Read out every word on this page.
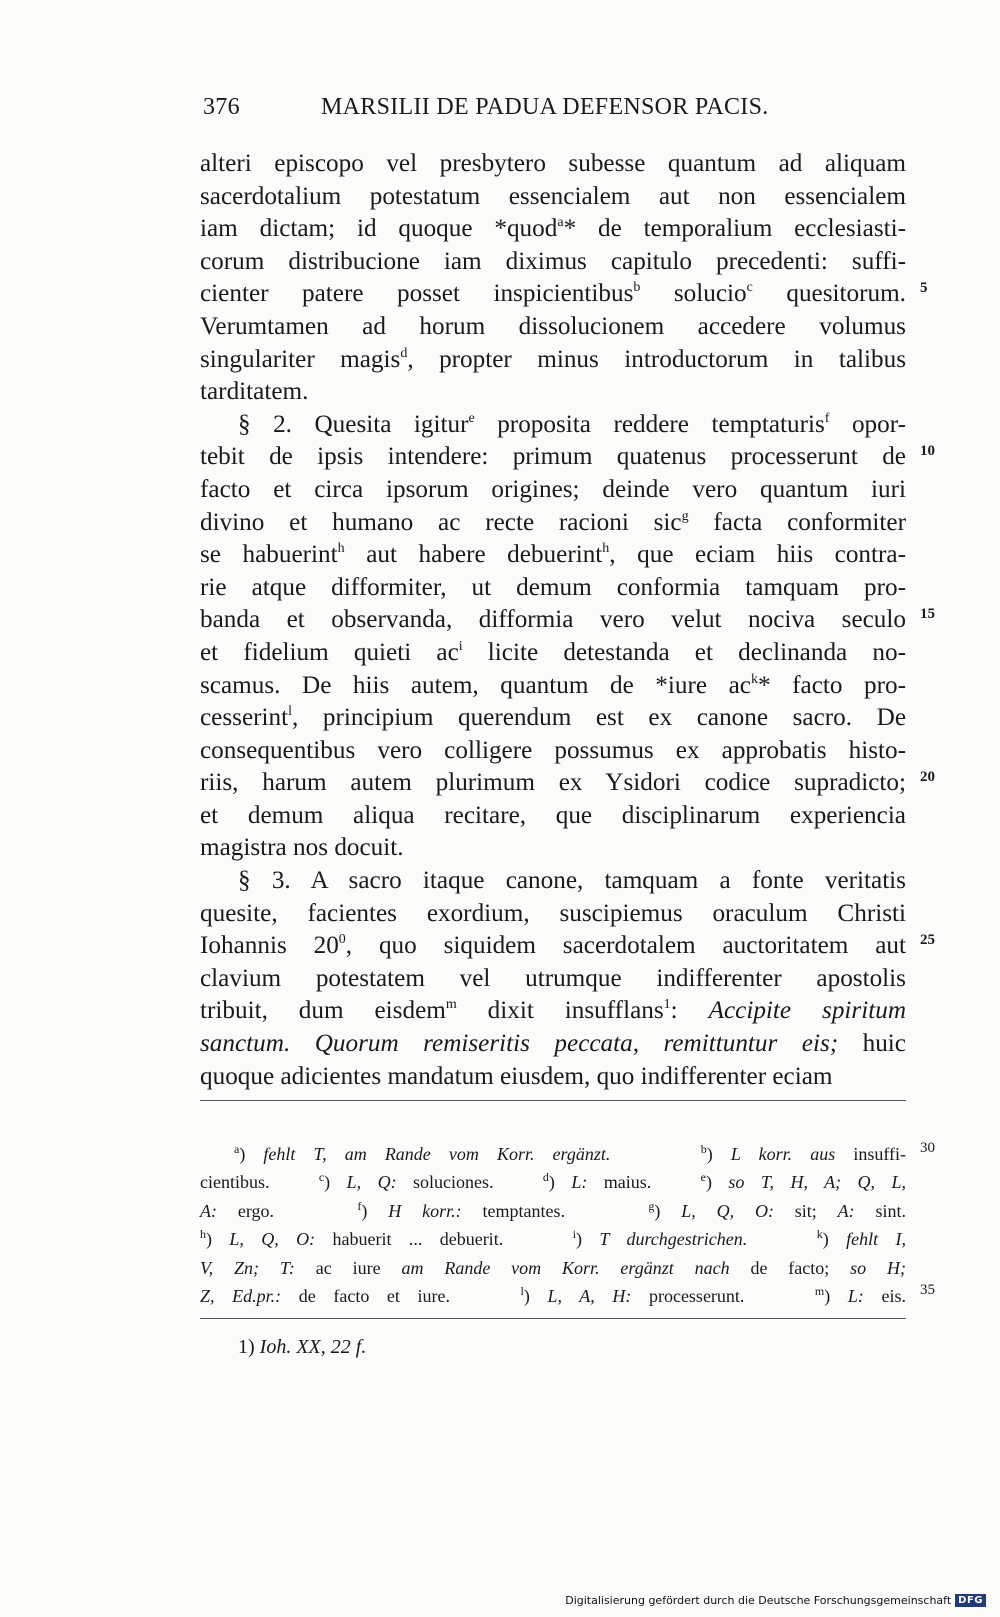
376	MARSILII DE PADUA DEFENSOR PACIS.
alteri episcopo vel presbytero subesse quantum ad aliquam
sacerdotalium potestatum essencialem aut non essencialem
iam dictam; id quoque *quod$^a$* de temporalium ecclesiasti-
corum distribucione iam diximus capitulo precedenti: suffi-
cienter patere posset inspicientibus$^b$ solucio$^c$ quesitorum.
Verumtamen ad horum dissolucionem accedere volumus
singulariter magis$^d$, propter minus introductorum in talibus
tarditatem.
§ 2. Quesita igitur$^e$ proposita reddere temptaturis$^f$ opor-
tebit de ipsis intendere: primum quatenus processerunt de
facto et circa ipsorum origines; deinde vero quantum iuri
divino et humano ac recte racioni sic$^g$ facta conformiter
se habuerint$^h$ aut habere debuerint$^h$, que eciam hiis contra-
rie atque difformiter, ut demum conformia tamquam pro-
banda et observanda, difformia vero velut nociva seculo
et fidelium quieti $ac^i$ licite detestanda et declinanda no-
scamus. De hiis autem, quantum de *iure $ac^k*$ facto pro-
cesserint$^l$, principium querendum est ex canone sacro. De
consequentibus vero colligere possumus ex approbatis histo-
riis, harum autem plurimum ex Ysidori codice supradicto;
et demum aliqua recitare, que disciplinarum experiencia
magistra nos docuit.
§ 3. A sacro itaque canone, tamquam a fonte veritatis
quesite, facientes exordium, suscipiemus oraculum Christi
Iohannis $20^0$, quo siquidem sacerdotalem auctoritatem aut
clavium potestatem vel utrumque indifferenter apostolis
tribuit, dum eisdem$^m$ dixit insufflans$^1$: Accipite spiritum
sanctum. Quorum remiseritis peccata, remittuntur eis; huic
quoque adicientes mandatum eiusdem, quo indifferenter eciam
5
10
15
20
25
$^a$) fehlt T, am Rande vom Korr. ergänzt.	$^b$) L korr. aus insuffi-
cientibus.   $^c$) L, Q: soluciones.   $^d$) L: maius.   $^e$) so T, H, A; Q, L,
A: ergo.    $^f$) H korr.: temptantes.    $^g$) L, Q, O: sit; A: sint.
$^h$) L, Q, O: habuerit ... debuerit.    $^i$) T durchgestrichen.	$^k$) fehlt I,
V, Zn; T: ac iure am Rande vom Korr. ergänzt nach de facto; so H;
Z, Ed.pr.: de facto et iure.    $^l$) L, A, H: processerunt.    $^m$) L: eis.
30
35
1) Ioh. XX, 22 f.
Digitalisierung gefördert durch die Deutsche Forschungsgemeinschaft DFG
